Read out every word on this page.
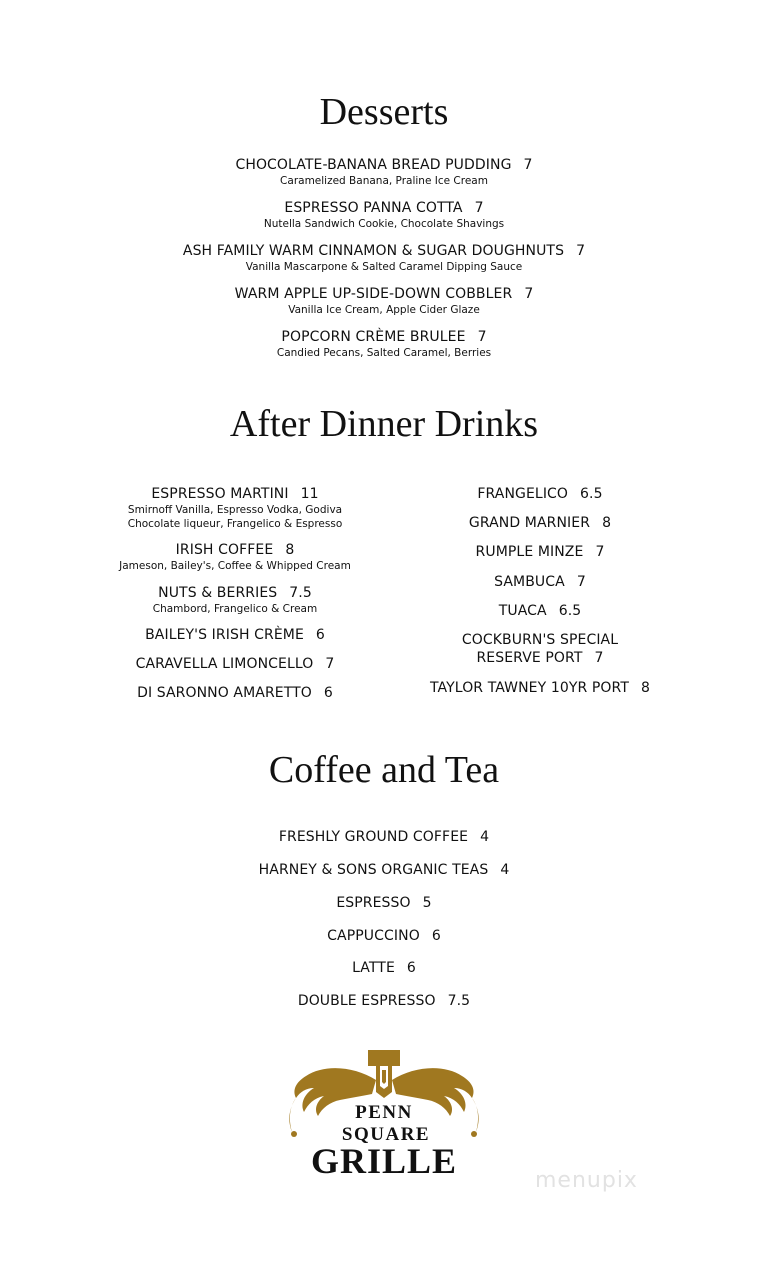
Desserts
CHOCOLATE-BANANA BREAD PUDDING 7
Caramelized Banana, Praline Ice Cream
ESPRESSO PANNA COTTA 7
Nutella Sandwich Cookie, Chocolate Shavings
ASH FAMILY WARM CINNAMON & SUGAR DOUGHNUTS 7
Vanilla Mascarpone & Salted Caramel Dipping Sauce
WARM APPLE UP-SIDE-DOWN COBBLER 7
Vanilla Ice Cream, Apple Cider Glaze
POPCORN CRÈME BRULEE 7
Candied Pecans, Salted Caramel, Berries
After Dinner Drinks
ESPRESSO MARTINI 11
Smirnoff Vanilla, Espresso Vodka, Godiva
Chocolate liqueur, Frangelico & Espresso
IRISH COFFEE 8
Jameson, Bailey's, Coffee & Whipped Cream
NUTS & BERRIES 7.5
Chambord, Frangelico & Cream
BAILEY'S IRISH CRÈME 6
CARAVELLA LIMONCELLO 7
DI SARONNO AMARETTO 6
FRANGELICO 6.5
GRAND MARNIER 8
RUMPLE MINZE 7
SAMBUCA 7
TUACA 6.5
COCKBURN'S SPECIAL
RESERVE PORT 7
TAYLOR TAWNEY 10YR PORT 8
Coffee and Tea
FRESHLY GROUND COFFEE 4
HARNEY & SONS ORGANIC TEAS 4
ESPRESSO 5
CAPPUCCINO 6
LATTE 6
DOUBLE ESPRESSO 7.5
PENN
SQUARE
GRILLE	menupix
